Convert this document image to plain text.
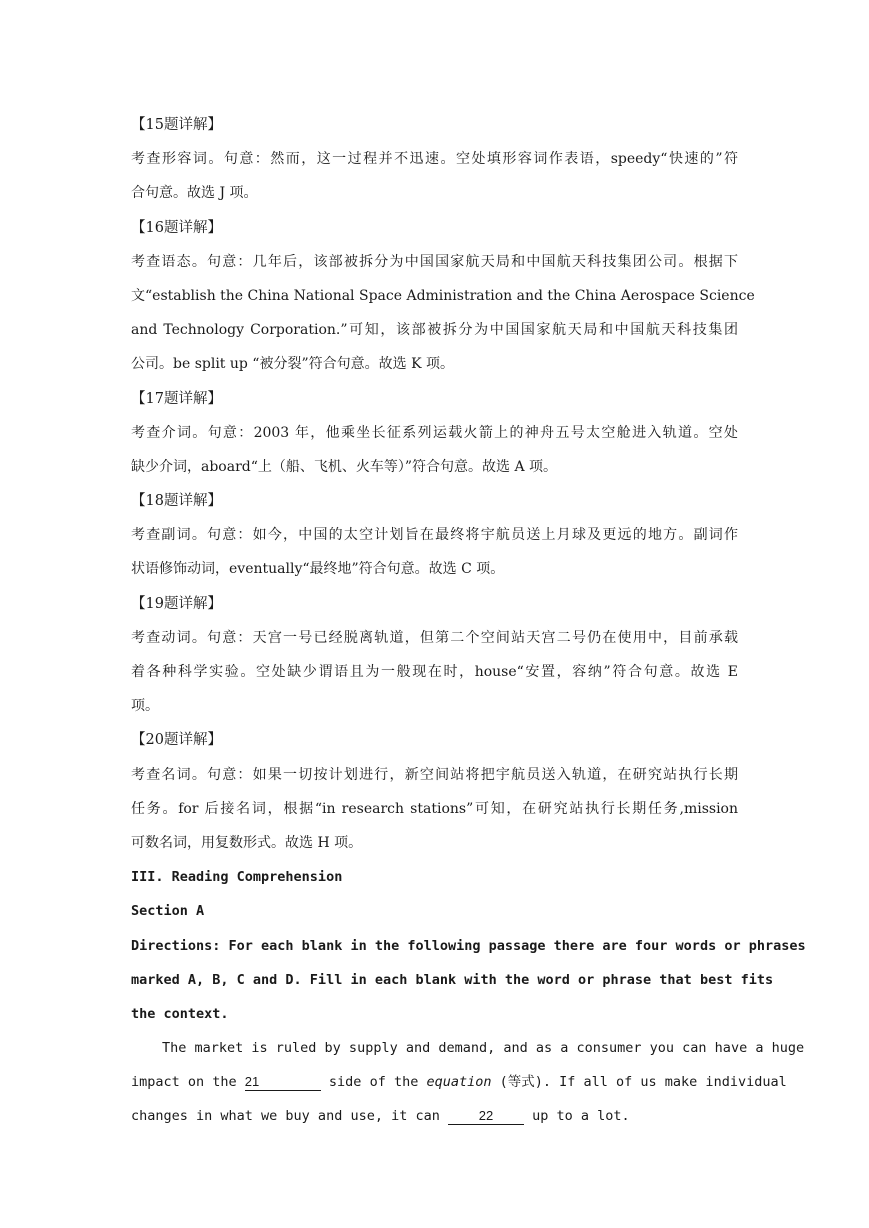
【15题详解】
考查形容词。句意：然而，这一过程并不迅速。空处填形容词作表语，speedy“快速的”符
合句意。故选 J 项。
【16题详解】
考查语态。句意：几年后，该部被拆分为中国国家航天局和中国航天科技集团公司。根据下
文“establish the China National Space Administration and the China Aerospace Science
and Technology Corporation.”可知，该部被拆分为中国国家航天局和中国航天科技集团
公司。be split up “被分裂”符合句意。故选 K 项。
【17题详解】
考查介词。句意：2003 年，他乘坐长征系列运载火箭上的神舟五号太空舱进入轨道。空处
缺少介词，aboard“上（船、飞机、火车等）”符合句意。故选 A 项。
【18题详解】
考查副词。句意：如今，中国的太空计划旨在最终将宇航员送上月球及更远的地方。副词作
状语修饰动词，eventually“最终地”符合句意。故选 C 项。
【19题详解】
考查动词。句意：天宫一号已经脱离轨道，但第二个空间站天宫二号仍在使用中，目前承载
着各种科学实验。空处缺少谓语且为一般现在时，house“安置，容纳”符合句意。故选 E
项。
【20题详解】
考查名词。句意：如果一切按计划进行，新空间站将把宇航员送入轨道，在研究站执行长期
任务。for 后接名词，根据“in research stations”可知，在研究站执行长期任务,mission
可数名词，用复数形式。故选 H 项。
III. Reading Comprehension
Section A
Directions: For each blank in the following passage there are four words or phrases
marked A, B, C and D. Fill in each blank with the word or phrase that best fits
the context.
The market is ruled by supply and demand, and as a consumer you can have a huge
impact on the 21	side of the equation (等式). If all of us make individual
changes in what we buy and use, it can 22 up to a lot.
